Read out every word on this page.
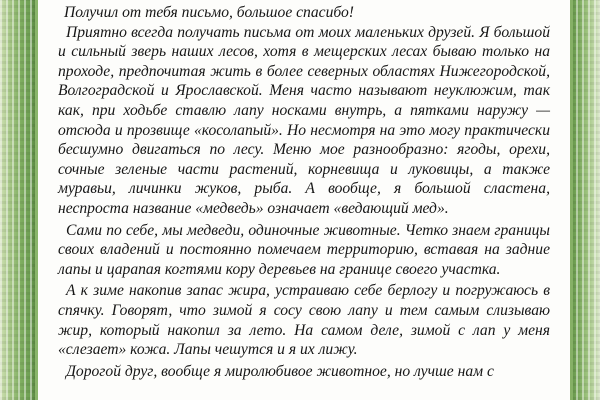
Получил от тебя письмо, большое спасибо!

Приятно всегда получать письма от моих маленьких друзей. Я большой и сильный зверь наших лесов, хотя в мещерских лесах бываю только на проходе, предпочитая жить в более северных областях Нижегородской, Волгоградской и Ярославской. Меня часто называют неуклюжим, так как, при ходьбе ставлю лапу носками внутрь, а пятками наружу — отсюда и прозвище «косолапый». Но несмотря на это могу практически бесшумно двигаться по лесу. Меню мое разнообразно: ягоды, орехи, сочные зеленые части растений, корневища и луковицы, а также муравьи, личинки жуков, рыба. А вообще, я большой сластена, неспроста название «медведь» означает «ведающий мед».

Сами по себе, мы медведи, одиночные животные. Четко знаем границы своих владений и постоянно помечаем территорию, вставая на задние лапы и царапая когтями кору деревьев на границе своего участка.

А к зиме накопив запас жира, устраиваю себе берлогу и погружаюсь в спячку. Говорят, что зимой я сосу свою лапу и тем самым слизываю жир, который накопил за лето. На самом деле, зимой с лап у меня «слезает» кожа. Лапы чешутся и я их лижу.

Дорогой друг, вообще я миролюбивое животное, но лучше нам с
